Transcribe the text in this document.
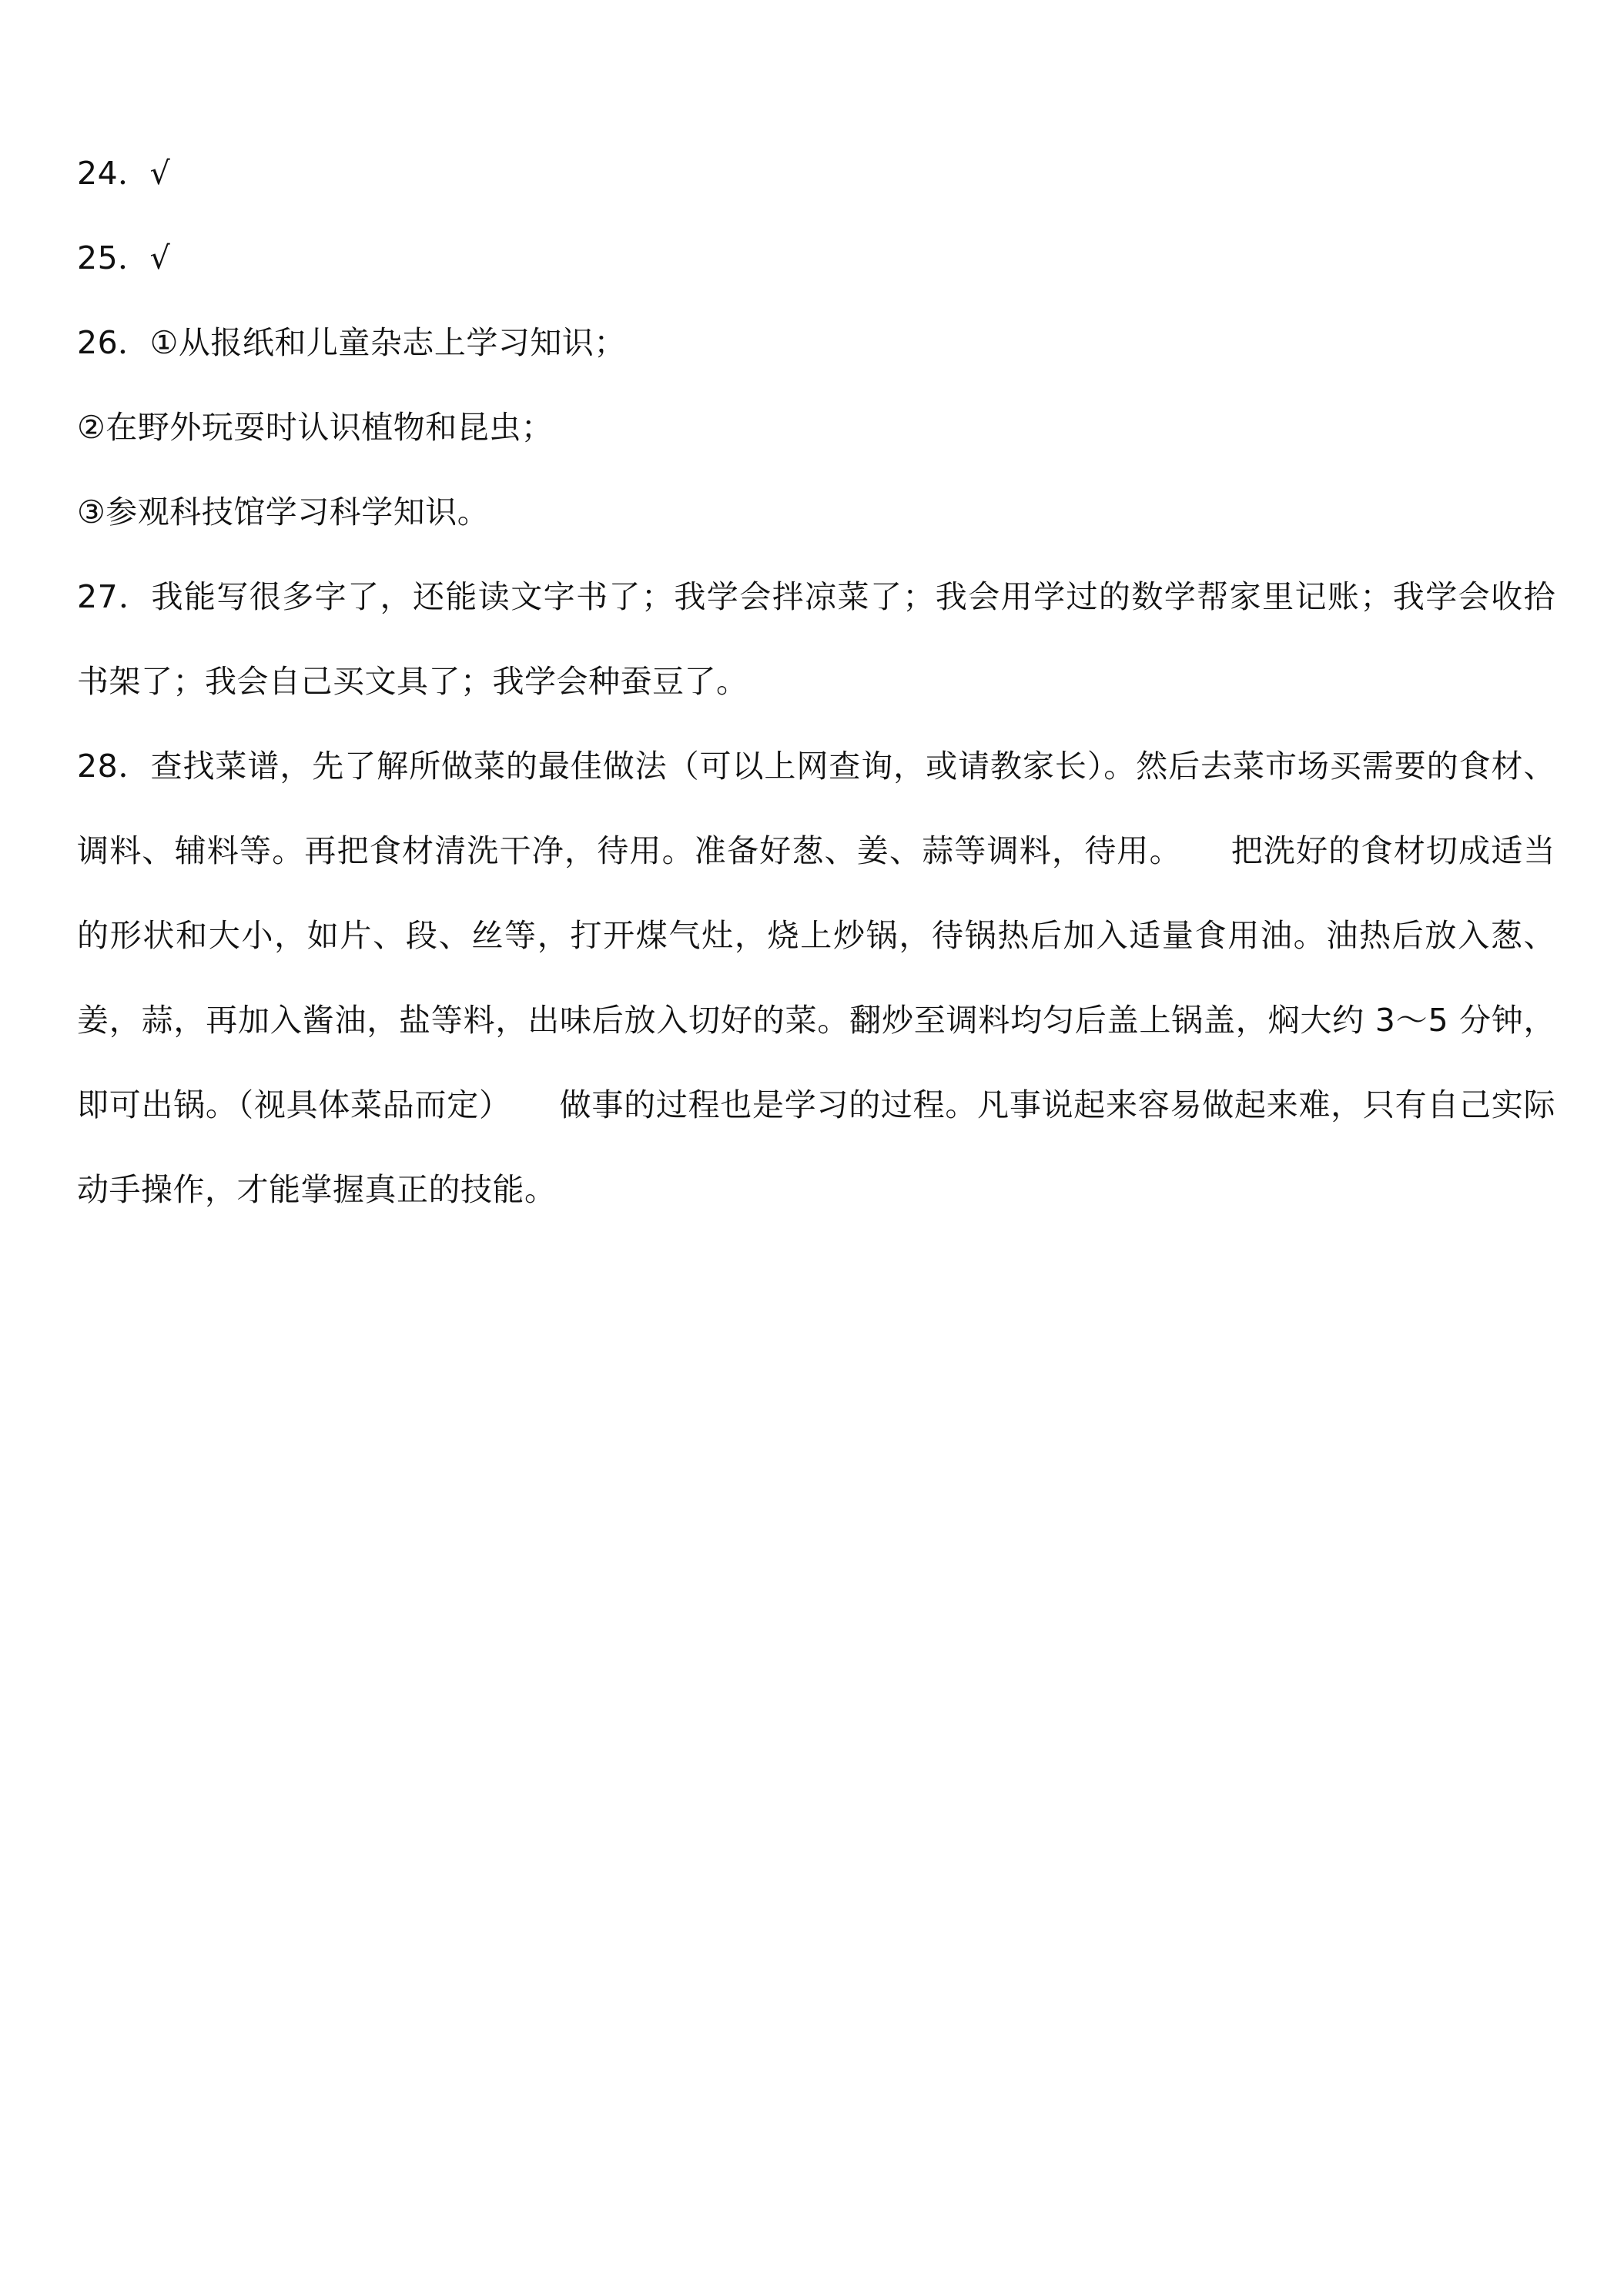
24．√
25．√
26．①从报纸和儿童杂志上学习知识；
②在野外玩耍时认识植物和昆虫；
③参观科技馆学习科学知识。
27．我能写很多字了，还能读文字书了；我学会拌凉菜了；我会用学过的数学帮家里记账；我学会收拾书架了；我会自己买文具了；我学会种蚕豆了。
28．查找菜谱，先了解所做菜的最佳做法（可以上网查询，或请教家长）。然后去菜市场买需要的食材、调料、辅料等。再把食材清洗干净，待用。准备好葱、姜、蒜等调料，待用。　　把洗好的食材切成适当的形状和大小，如片、段、丝等，打开煤气灶，烧上炒锅，待锅热后加入适量食用油。油热后放入葱、姜，蒜，再加入酱油，盐等料，出味后放入切好的菜。翻炒至调料均匀后盖上锅盖，焖大约 3～5 分钟，即可出锅。（视具体菜品而定）　　做事的过程也是学习的过程。凡事说起来容易做起来难，只有自己实际动手操作，才能掌握真正的技能。
